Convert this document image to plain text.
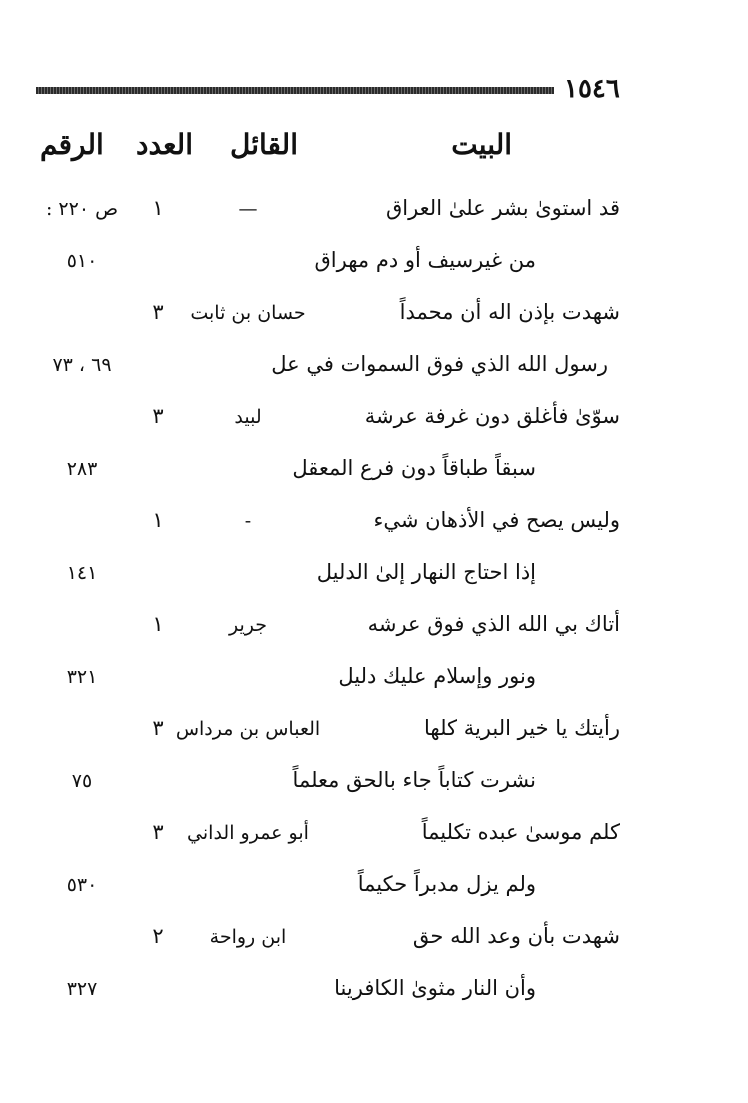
١٥٤٦
البيت
القائل
العدد
الرقم
قد استوىٰ بشر علىٰ العراق
—
١
ص ٢٢٠ :
من غيرسيف أو دم مهراق
٥١٠
شهدت بإذن اله أن محمداً
حسان بن ثابت
٣
رسول الله الذي فوق السموات في عل
٦٩ ، ٧٣
سوّىٰ فأغلق دون غرفة عرشة
لبيد
٣
سبقاً طباقاً دون فرع المعقل
٢٨٣
وليس يصح في الأذهان شيء
-
١
إذا احتاج النهار إلىٰ الدليل
١٤١
أتاك بي الله الذي فوق عرشه
جرير
١
ونور وإسلام عليك دليل
٣٢١
رأيتك يا خير البرية كلها
العباس بن مرداس
٣
نشرت كتاباً جاء بالحق معلماً
٧٥
كلم موسىٰ عبده تكليماً
أبو عمرو الداني
٣
ولم يزل مدبراً حكيماً
٥٣٠
شهدت بأن وعد الله حق
ابن رواحة
٢
وأن النار مثوىٰ الكافرينا
٣٢٧
